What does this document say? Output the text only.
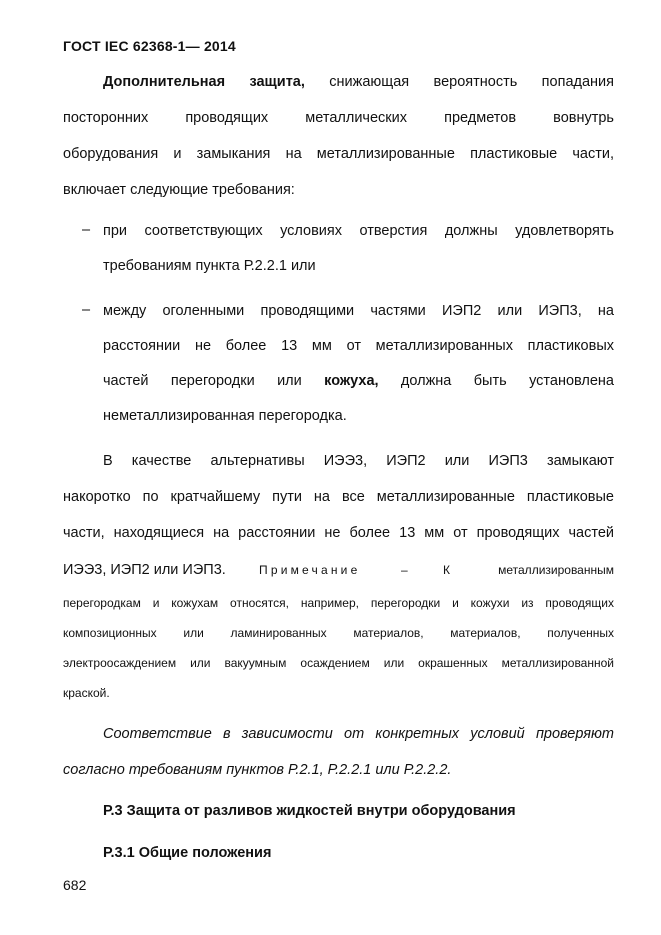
ГОСТ IEC 62368-1— 2014
Дополнительная защита, снижающая вероятность попадания
посторонних проводящих металлических предметов вовнутрь
оборудования и замыкания на металлизированные пластиковые части,
включает следующие требования:
– при соответствующих условиях отверстия должны удовлетворять
требованиям пункта Р.2.2.1 или
– между оголенными проводящими частями ИЭП2 или ИЭП3, на
расстоянии не более 13 мм от металлизированных пластиковых
частей перегородки или кожуха, должна быть установлена
неметаллизированная перегородка.
В качестве альтернативы ИЭЭ3, ИЭП2 или ИЭП3 замыкают
накоротко по кратчайшему пути на все металлизированные пластиковые
части, находящиеся на расстоянии не более 13 мм от проводящих частей
ИЭЭ3, ИЭП2 или ИЭП3.	Примечание	–	К	металлизированным
перегородкам и кожухам относятся, например, перегородки и кожухи из проводящих
композиционных или ламинированных материалов, материалов, полученных
электроосаждением или вакуумным осаждением или окрашенных металлизированной
краской.
Соответствие в зависимости от конкретных условий проверяют
согласно требованиям пунктов Р.2.1, Р.2.2.1 или Р.2.2.2.
Р.3 Защита от разливов жидкостей внутри оборудования
Р.3.1 Общие положения
682
